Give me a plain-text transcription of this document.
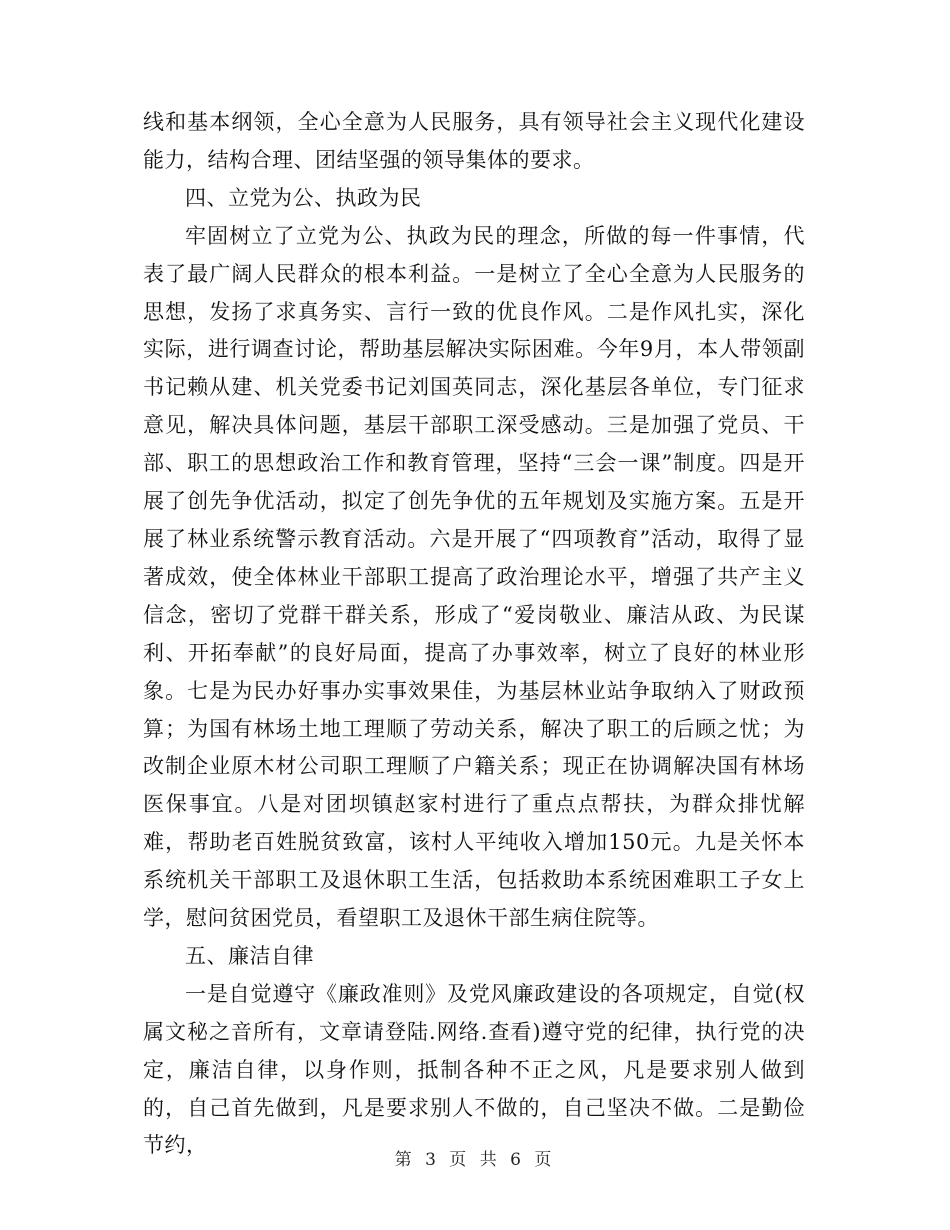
线和基本纲领，全心全意为人民服务，具有领导社会主义现代化建设能力，结构合理、团结坚强的领导集体的要求。

四、立党为公、执政为民

牢固树立了立党为公、执政为民的理念，所做的每一件事情，代表了最广阔人民群众的根本利益。一是树立了全心全意为人民服务的思想，发扬了求真务实、言行一致的优良作风。二是作风扎实，深化实际，进行调查讨论，帮助基层解决实际困难。今年9月，本人带领副书记赖从建、机关党委书记刘国英同志，深化基层各单位，专门征求意见，解决具体问题，基层干部职工深受感动。三是加强了党员、干部、职工的思想政治工作和教育管理，坚持“三会一课”制度。四是开展了创先争优活动，拟定了创先争优的五年规划及实施方案。五是开展了林业系统警示教育活动。六是开展了“四项教育”活动，取得了显著成效，使全体林业干部职工提高了政治理论水平，增强了共产主义信念，密切了党群干群关系，形成了“爱岗敬业、廉洁从政、为民谋利、开拓奉献”的良好局面，提高了办事效率，树立了良好的林业形象。七是为民办好事办实事效果佳，为基层林业站争取纳入了财政预算；为国有林场土地工理顺了劳动关系，解决了职工的后顾之忧；为改制企业原木材公司职工理顺了户籍关系；现正在协调解决国有林场医保事宜。八是对团坝镇赵家村进行了重点点帮扶，为群众排忧解难，帮助老百姓脱贫致富，该村人平纯收入增加150元。九是关怀本系统机关干部职工及退休职工生活，包括救助本系统困难职工子女上学，慰问贫困党员，看望职工及退休干部生病住院等。

五、廉洁自律

一是自觉遵守《廉政准则》及党风廉政建设的各项规定，自觉(权属文秘之音所有，文章请登陆.网络.查看)遵守党的纪律，执行党的决定，廉洁自律，以身作则，抵制各种不正之风，凡是要求别人做到的，自己首先做到，凡是要求别人不做的，自己坚决不做。二是勤俭节约，

第 3 页 共 6 页
